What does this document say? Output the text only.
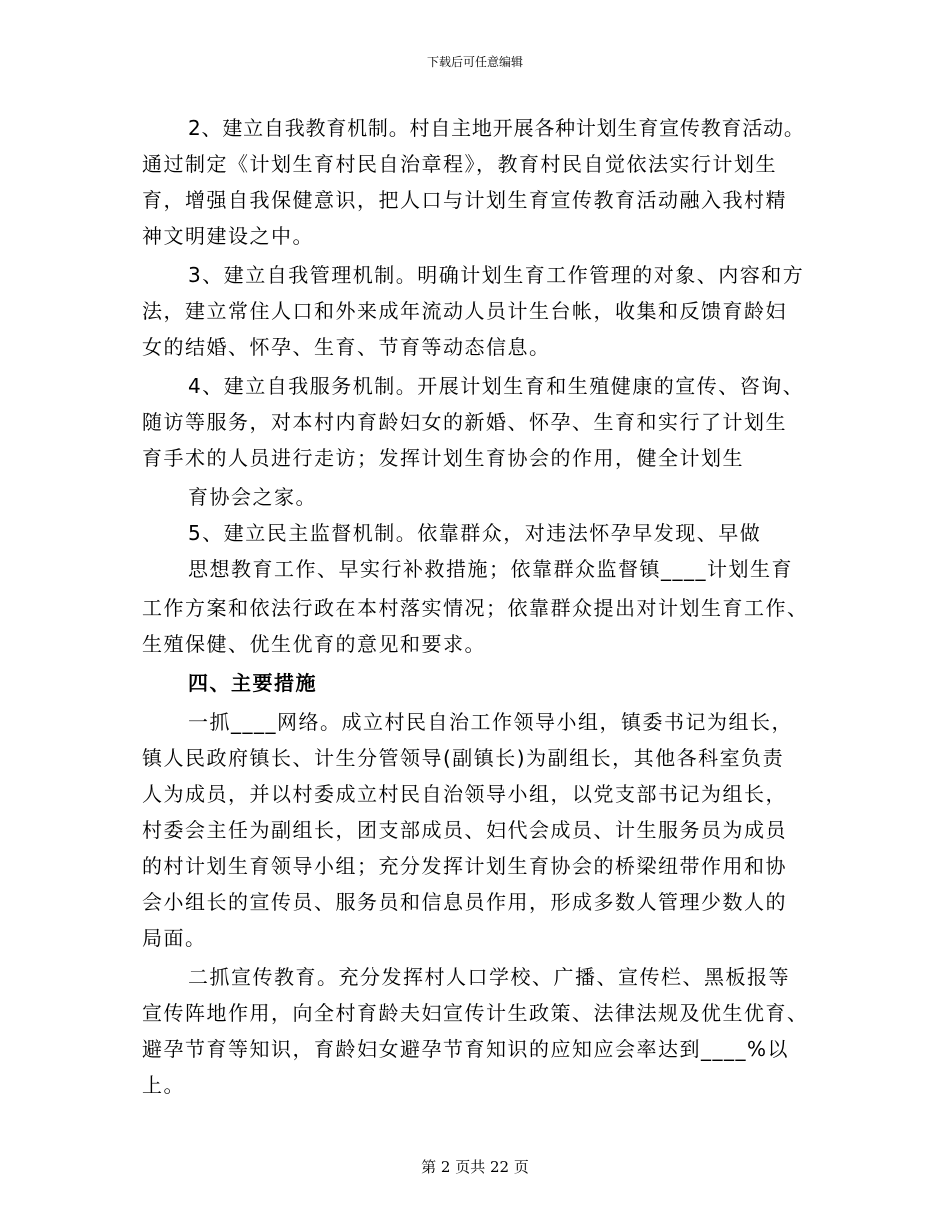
下载后可任意编辑
2、建立自我教育机制。村自主地开展各种计划生育宣传教育活动。
通过制定《计划生育村民自治章程》，教育村民自觉依法实行计划生
育，增强自我保健意识，把人口与计划生育宣传教育活动融入我村精
神文明建设之中。
3、建立自我管理机制。明确计划生育工作管理的对象、内容和方
法，建立常住人口和外来成年流动人员计生台帐，收集和反馈育龄妇
女的结婚、怀孕、生育、节育等动态信息。
4、建立自我服务机制。开展计划生育和生殖健康的宣传、咨询、
随访等服务，对本村内育龄妇女的新婚、怀孕、生育和实行了计划生
育手术的人员进行走访；发挥计划生育协会的作用，健全计划生
育协会之家。
5、建立民主监督机制。依靠群众，对违法怀孕早发现、早做
思想教育工作、早实行补救措施；依靠群众监督镇____计划生育
工作方案和依法行政在本村落实情况；依靠群众提出对计划生育工作、
生殖保健、优生优育的意见和要求。
四、主要措施
一抓____网络。成立村民自治工作领导小组，镇委书记为组长，
镇人民政府镇长、计生分管领导(副镇长)为副组长，其他各科室负责
人为成员，并以村委成立村民自治领导小组，以党支部书记为组长，
村委会主任为副组长，团支部成员、妇代会成员、计生服务员为成员
的村计划生育领导小组；充分发挥计划生育协会的桥梁纽带作用和协
会小组长的宣传员、服务员和信息员作用，形成多数人管理少数人的
局面。
二抓宣传教育。充分发挥村人口学校、广播、宣传栏、黑板报等
宣传阵地作用，向全村育龄夫妇宣传计生政策、法律法规及优生优育、
避孕节育等知识，育龄妇女避孕节育知识的应知应会率达到____%以
上。
第 2 页共 22 页
